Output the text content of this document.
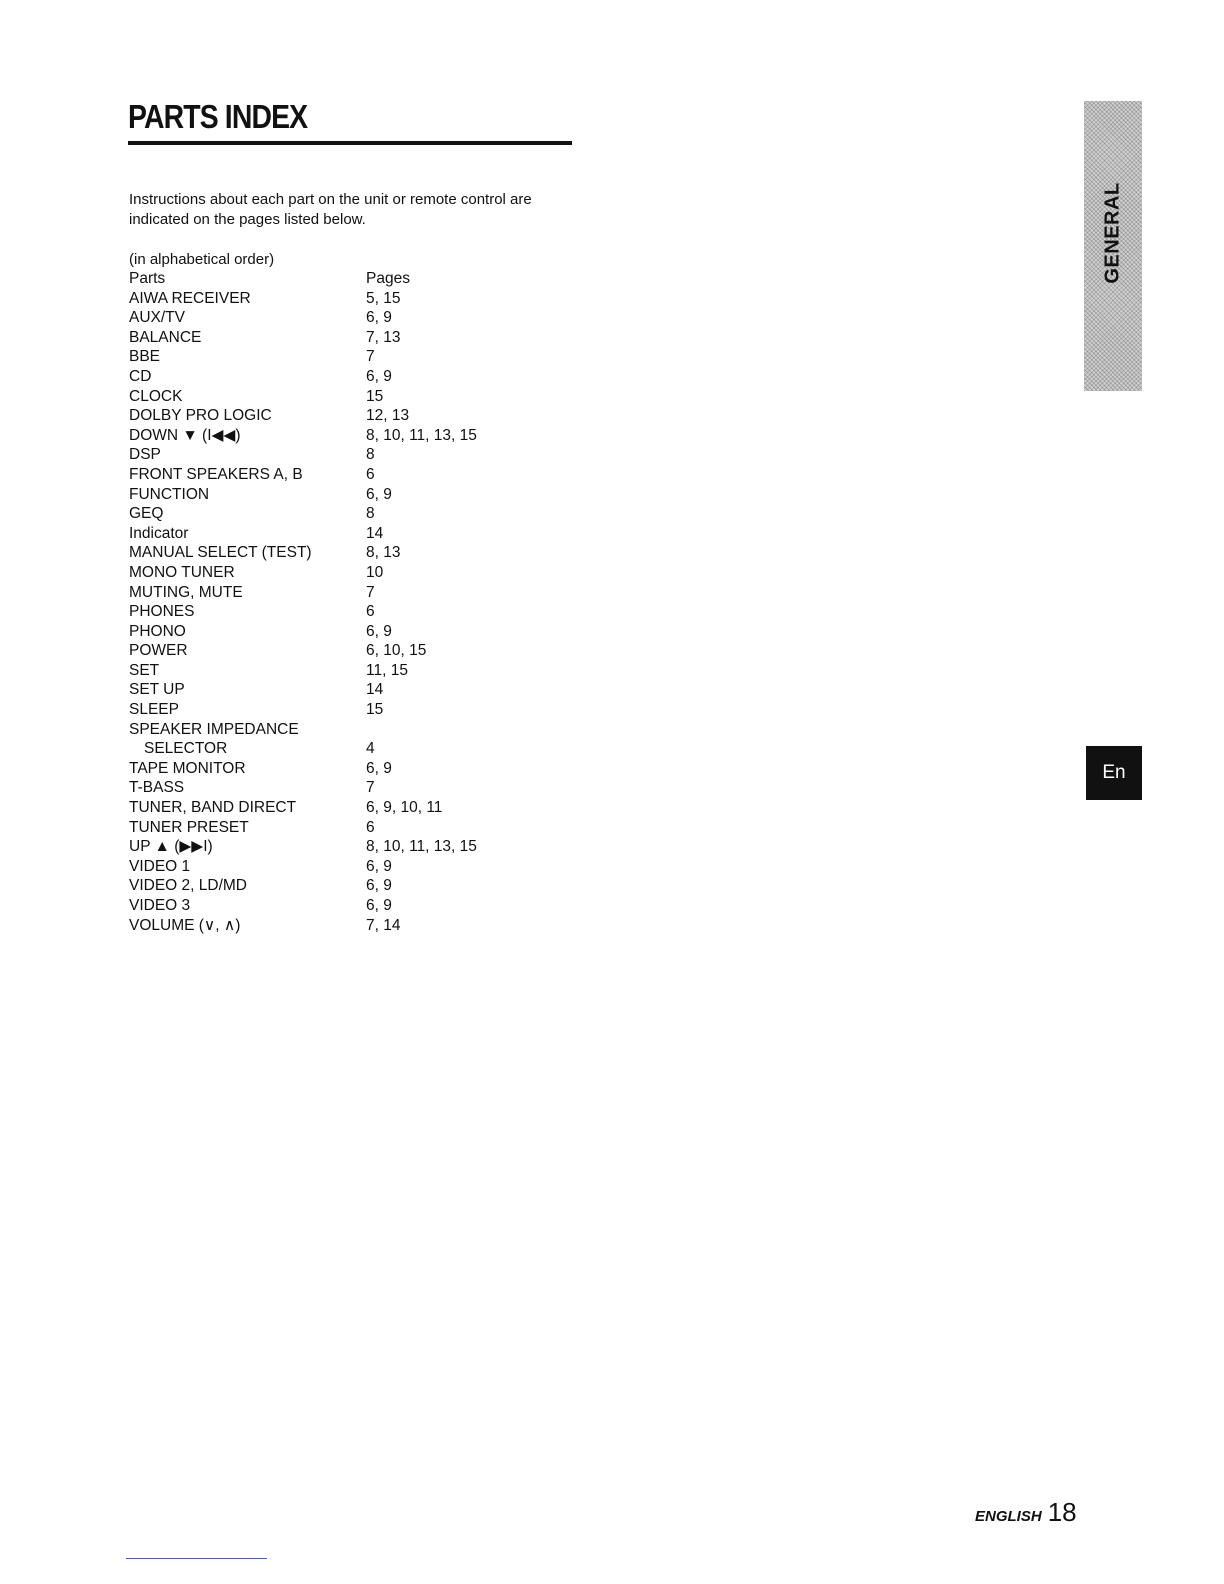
PARTS INDEX

Instructions about each part on the unit or remote control are indicated on the pages listed below.

(in alphabetical order)

Parts	Pages
AIWA RECEIVER	5, 15
AUX/TV	6, 9
BALANCE	7, 13
BBE	7
CD	6, 9
CLOCK	15
DOLBY PRO LOGIC	12, 13
DOWN ▼ (I◀◀)	8, 10, 11, 13, 15
DSP	8
FRONT SPEAKERS A, B	6
FUNCTION	6, 9
GEQ	8
Indicator	14
MANUAL SELECT (TEST)	8, 13
MONO TUNER	10
MUTING, MUTE	7
PHONES	6
PHONO	6, 9
POWER	6, 10, 15
SET	11, 15
SET UP	14
SLEEP	15
SPEAKER IMPEDANCE
SELECTOR	4
TAPE MONITOR	6, 9
T-BASS	7
TUNER, BAND DIRECT	6, 9, 10, 11
TUNER PRESET	6
UP ▲ (▶▶I)	8, 10, 11, 13, 15
VIDEO 1	6, 9
VIDEO 2, LD/MD	6, 9
VIDEO 3	6, 9
VOLUME (∨, ∧)	7, 14
GENERAL
En
ENGLISH 18
